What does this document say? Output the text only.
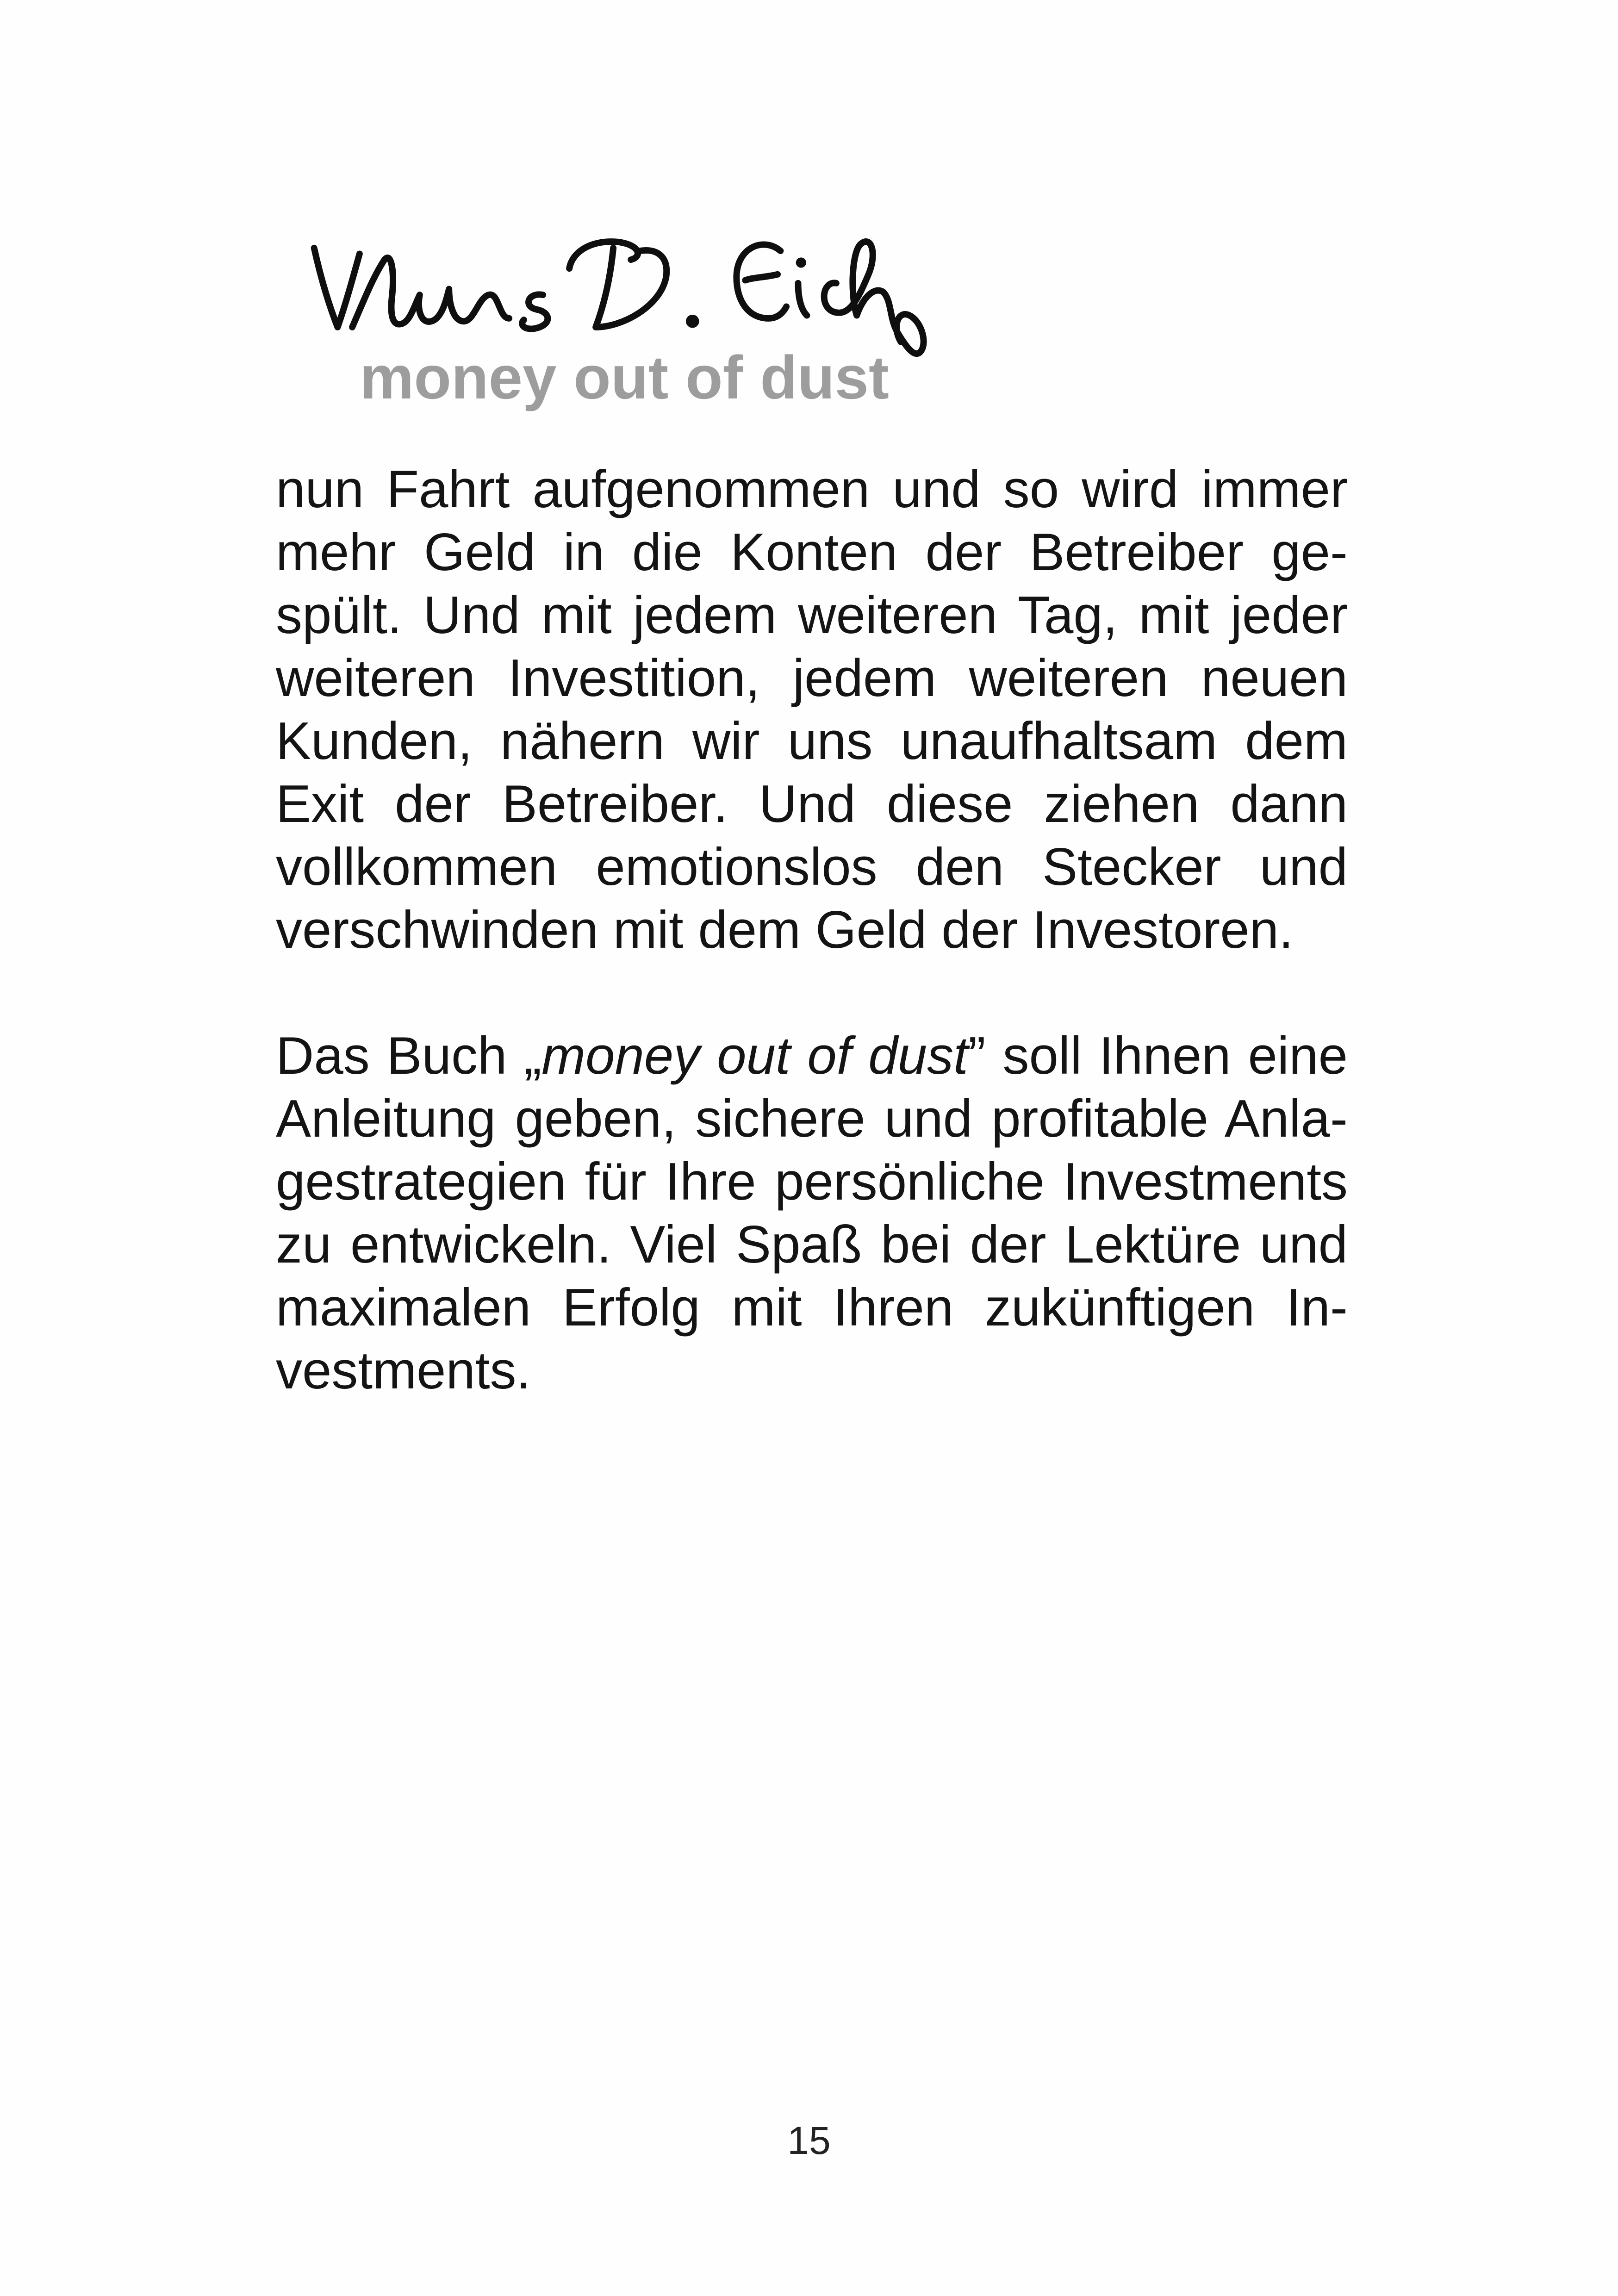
money out of dust
nun Fahrt aufgenommen und so wird immer
mehr Geld in die Konten der Betreiber ge-
spült. Und mit jedem weiteren Tag, mit jeder
weiteren Investition, jedem weiteren neuen
Kunden, nähern wir uns unaufhaltsam dem
Exit der Betreiber. Und diese ziehen dann
vollkommen emotionslos den Stecker und
verschwinden mit dem Geld der Investoren.
Das Buch „money out of dust” soll Ihnen eine
Anleitung geben, sichere und profitable Anla-
gestrategien für Ihre persönliche Investments
zu entwickeln. Viel Spaß bei der Lektüre und
maximalen Erfolg mit Ihren zukünftigen In-
vestments.
15
